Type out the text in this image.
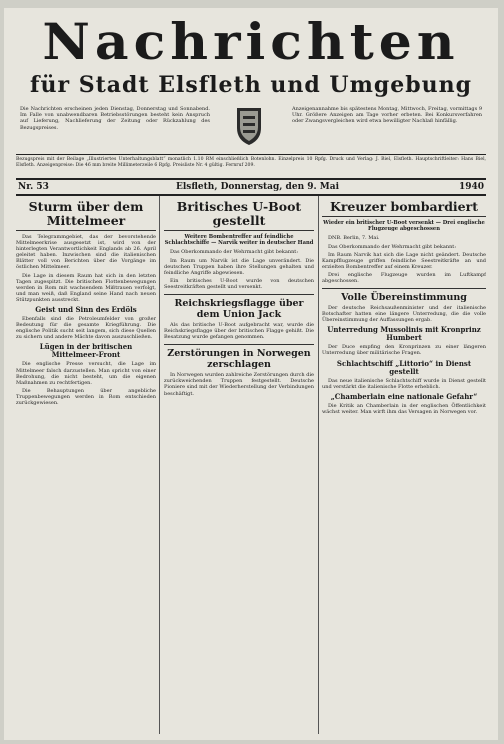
Nachrichten
für Stadt Elsfleth und Umgebung
Die Nachrichten erscheinen jeden Dienstag, Donnerstag und Sonnabend. Im Falle von unabwendbaren Betriebsstörungen besteht kein Anspruch auf Lieferung, Nachlieferung der Zeitung oder Rückzahlung des Bezugspreises.
Anzeigenannahme bis spätestens Montag, Mittwoch, Freitag, vormittags 9 Uhr. Größere Anzeigen am Tage vorher erbeten. Bei Konkursverfahren oder Zwangsvergleichen wird etwa bewilligter Nachlaß hinfällig.
Bezugspreis mit der Beilage „Illustriertes Unterhaltungsblatt“ monatlich 1.10 RM einschließlich Botenlohn. Einzelpreis 10 Rpfg. Druck und Verlag: J. Biel, Elsfleth. Hauptschriftleiter: Hans Biel, Elsfleth. Anzeigenpreise: Die 46 mm breite Millimeterzeile 6 Rpfg. Preisliste Nr. 4 gültig. Fernruf 209.
Nr. 53	Elsfleth, Donnerstag, den 9. Mai	1940
Sturm über dem Mittelmeer

Das Telegrammgebiet, das der bevorstehende Mittelmeerkrise ausgesetzt ist, wird von der hinterlegten Verantwortlichkeit Englands ab 26. April geleitet haben. Inzwischen sind die italienischen Blätter voll von Berichten über die Vorgänge im östlichen Mittelmeer.

Die Lage in diesem Raum hat sich in den letzten Tagen zugespitzt. Die britischen Flottenbewegungen werden in Rom mit wachsendem Mißtrauen verfolgt, und man weiß, daß England seine Hand nach neuen Stützpunkten ausstreckt.

Geist und Sinn des Erdöls

Ebenfalls sind die Petroleumfelder von großer Bedeutung für die gesamte Kriegführung. Die englische Politik sucht seit langem, sich diese Quellen zu sichern und andere Mächte davon auszuschließen.

Lügen in der britischen Mittelmeer-Front

Die englische Presse versucht, die Lage im Mittelmeer falsch darzustellen. Man spricht von einer Bedrohung, die nicht besteht, um die eigenen Maßnahmen zu rechtfertigen.

Die Behauptungen über angebliche Truppenbewegungen werden in Rom entschieden zurückgewiesen.

Britisches U-Boot gestellt
Weitere Bombentreffer auf feindliche Schlachtschiffe — Narvik weiter in deutscher Hand

Das Oberkommando der Wehrmacht gibt bekannt:

Im Raum um Narvik ist die Lage unverändert. Die deutschen Truppen haben ihre Stellungen gehalten und feindliche Angriffe abgewiesen.

Ein britisches U-Boot wurde von deutschen Seestreitkräften gestellt und versenkt.

Reichskriegsflagge über dem Union Jack

Als das britische U-Boot aufgebracht war, wurde die Reichskriegsflagge über der britischen Flagge gehißt. Die Besatzung wurde gefangen genommen.

Zerstörungen in Norwegen zerschlagen

In Norwegen wurden zahlreiche Zerstörungen durch die zurückweichenden Truppen festgestellt. Deutsche Pioniere sind mit der Wiederherstellung der Verbindungen beschäftigt.

Kreuzer bombardiert
Wieder ein britischer U-Boot versenkt — Drei englische Flugzeuge abgeschossen

DNB. Berlin, 7. Mai.

Das Oberkommando der Wehrmacht gibt bekannt:

Im Raum Narvik hat sich die Lage nicht geändert. Deutsche Kampfflugzeuge griffen feindliche Seestreitkräfte an und erzielten Bombentreffer auf einem Kreuzer.

Drei englische Flugzeuge wurden im Luftkampf abgeschossen.

Volle Übereinstimmung

Der deutsche Reichsaußenminister und der italienische Botschafter hatten eine längere Unterredung, die die volle Übereinstimmung der Auffassungen ergab.

Unterredung Mussolinis mit Kronprinz Humbert

Der Duce empfing den Kronprinzen zu einer längeren Unterredung über militärische Fragen.

Schlachtschiff „Littorio“ in Dienst gestellt

Das neue italienische Schlachtschiff wurde in Dienst gestellt und verstärkt die italienische Flotte erheblich.

„Chamberlain eine nationale Gefahr“

Die Kritik an Chamberlain in der englischen Öffentlichkeit wächst weiter. Man wirft ihm das Versagen in Norwegen vor.
